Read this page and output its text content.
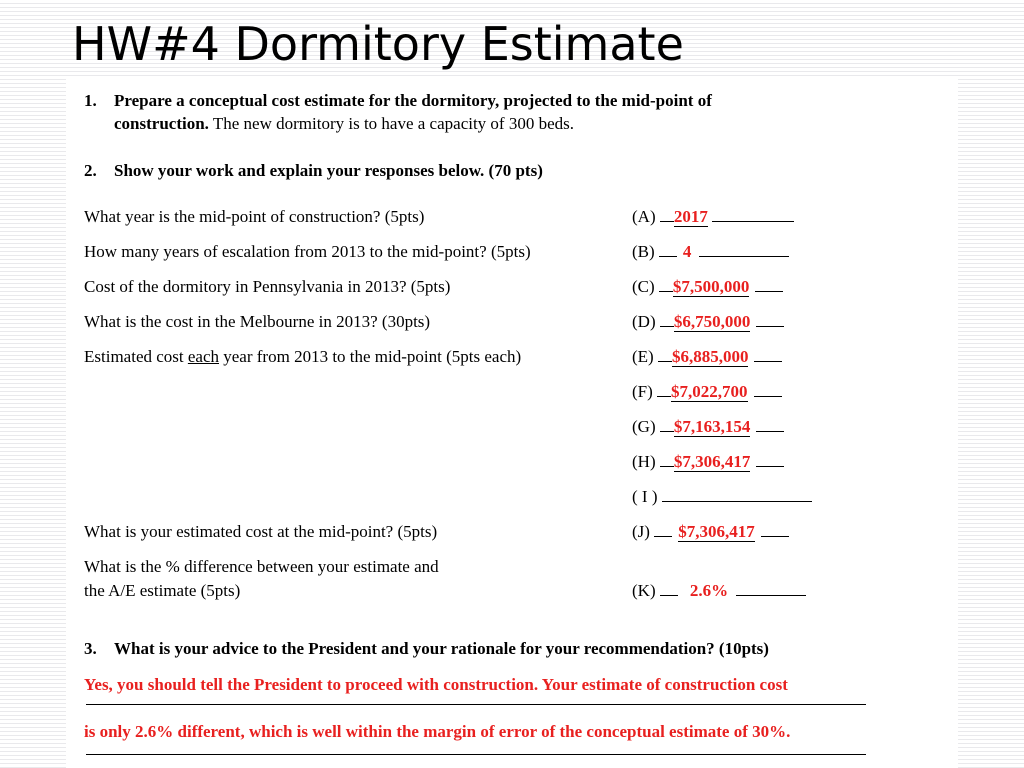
HW#4 Dormitory Estimate
1. Prepare a conceptual cost estimate for the dormitory, projected to the mid-point of
construction. The new dormitory is to have a capacity of 300 beds.
2. Show your work and explain your responses below. (70 pts)
What year is the mid-point of construction? (5pts)
How many years of escalation from 2013 to the mid-point? (5pts)
Cost of the dormitory in Pennsylvania in 2013? (5pts)
What is the cost in the Melbourne in 2013? (30pts)
Estimated cost each year from 2013 to the mid-point (5pts each)
What is your estimated cost at the mid-point? (5pts)
What is the % difference between your estimate and
the A/E estimate (5pts)
(A) 2017
(B) 4
(C) $7,500,000
(D) $6,750,000
(E) $6,885,000
(F) $7,022,700
(G) $7,163,154
(H) $7,306,417
( I )
(J) $7,306,417
(K) 2.6%
3. What is your advice to the President and your rationale for your recommendation? (10pts)
Yes, you should tell the President to proceed with construction. Your estimate of construction cost
is only 2.6% different, which is well within the margin of error of the conceptual estimate of 30%.
